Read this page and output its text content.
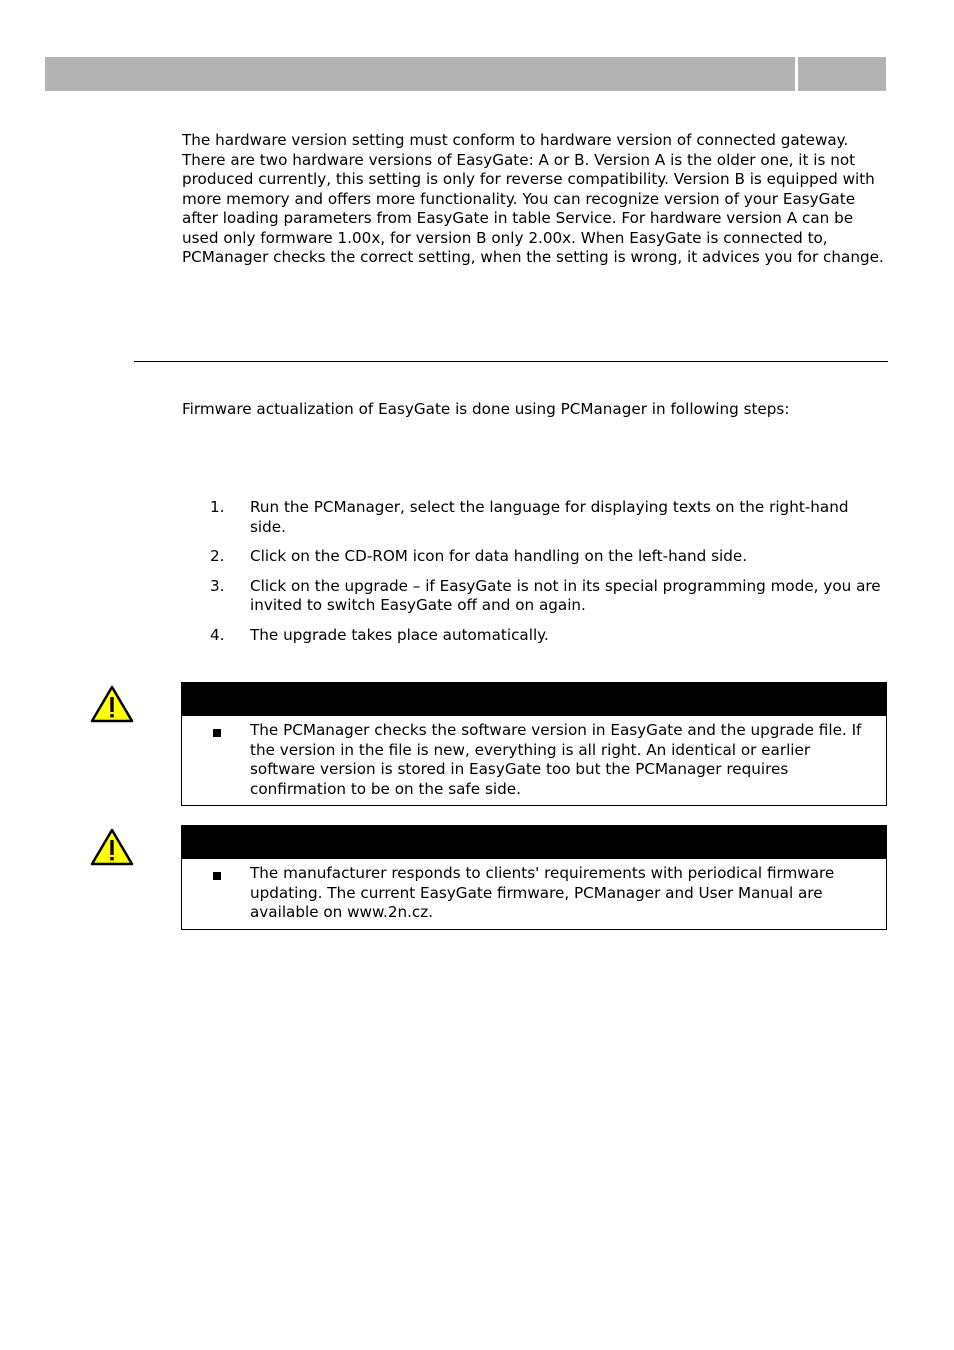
The hardware version setting must conform to hardware version of connected gateway. There are two hardware versions of EasyGate: A or B. Version A is the older one, it is not produced currently, this setting is only for reverse compatibility. Version B is equipped with more memory and offers more functionality. You can recognize version of your EasyGate after loading parameters from EasyGate in table Service. For hardware version A can be used only formware 1.00x, for version B only 2.00x. When EasyGate is connected to, PCManager checks the correct setting, when the setting is wrong, it advices you for change.

Firmware actualization of EasyGate is done using PCManager in following steps:

1. Run the PCManager, select the language for displaying texts on the right-hand side.
2. Click on the CD-ROM icon for data handling on the left-hand side.
3. Click on the upgrade – if EasyGate is not in its special programming mode, you are invited to switch EasyGate off and on again.
4. The upgrade takes place automatically.
The PCManager checks the software version in EasyGate and the upgrade file. If the version in the file is new, everything is all right. An identical or earlier software version is stored in EasyGate too but the PCManager requires confirmation to be on the safe side.
The manufacturer responds to clients' requirements with periodical firmware updating. The current EasyGate firmware, PCManager and User Manual are available on www.2n.cz.
